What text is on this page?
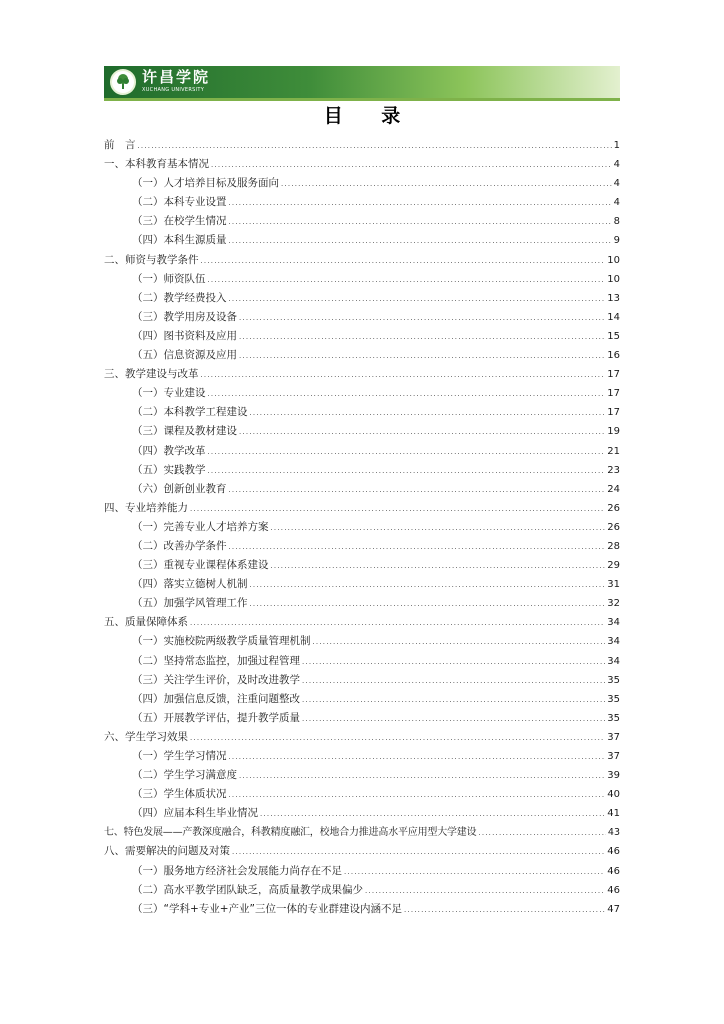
许昌学院
XUCHANG UNIVERSITY
目 录
前　言 .....	1
一、本科教育基本情况 .....	4
（一）人才培养目标及服务面向 .....	4
（二）本科专业设置 .....	4
（三）在校学生情况 .....	8
（四）本科生源质量 .....	9
二、师资与教学条件 .....	10
（一）师资队伍 .....	10
（二）教学经费投入 .....	13
（三）教学用房及设备 .....	14
（四）图书资料及应用 .....	15
（五）信息资源及应用 .....	16
三、教学建设与改革 .....	17
（一）专业建设 .....	17
（二）本科教学工程建设 .....	17
（三）课程及教材建设 .....	19
（四）教学改革 .....	21
（五）实践教学 .....	23
（六）创新创业教育 .....	24
四、专业培养能力 .....	26
（一）完善专业人才培养方案 .....	26
（二）改善办学条件 .....	28
（三）重视专业课程体系建设 .....	29
（四）落实立德树人机制 .....	31
（五）加强学风管理工作 .....	32
五、质量保障体系 .....	34
（一）实施校院两级教学质量管理机制 .....	34
（二）坚持常态监控，加强过程管理 .....	34
（三）关注学生评价，及时改进教学 .....	35
（四）加强信息反馈，注重问题整改 .....	35
（五）开展教学评估，提升教学质量 .....	35
六、学生学习效果 .....	37
（一）学生学习情况 .....	37
（二）学生学习满意度 .....	39
（三）学生体质状况 .....	40
（四）应届本科生毕业情况 .....	41
七、特色发展——产教深度融合，科教精度融汇，校地合力推进高水平应用型大学建设 .....	43
八、需要解决的问题及对策 .....	46
（一）服务地方经济社会发展能力尚存在不足 .....	46
（二）高水平教学团队缺乏，高质量教学成果偏少 .....	46
（三）“学科+专业+产业”三位一体的专业群建设内涵不足 .....	47
